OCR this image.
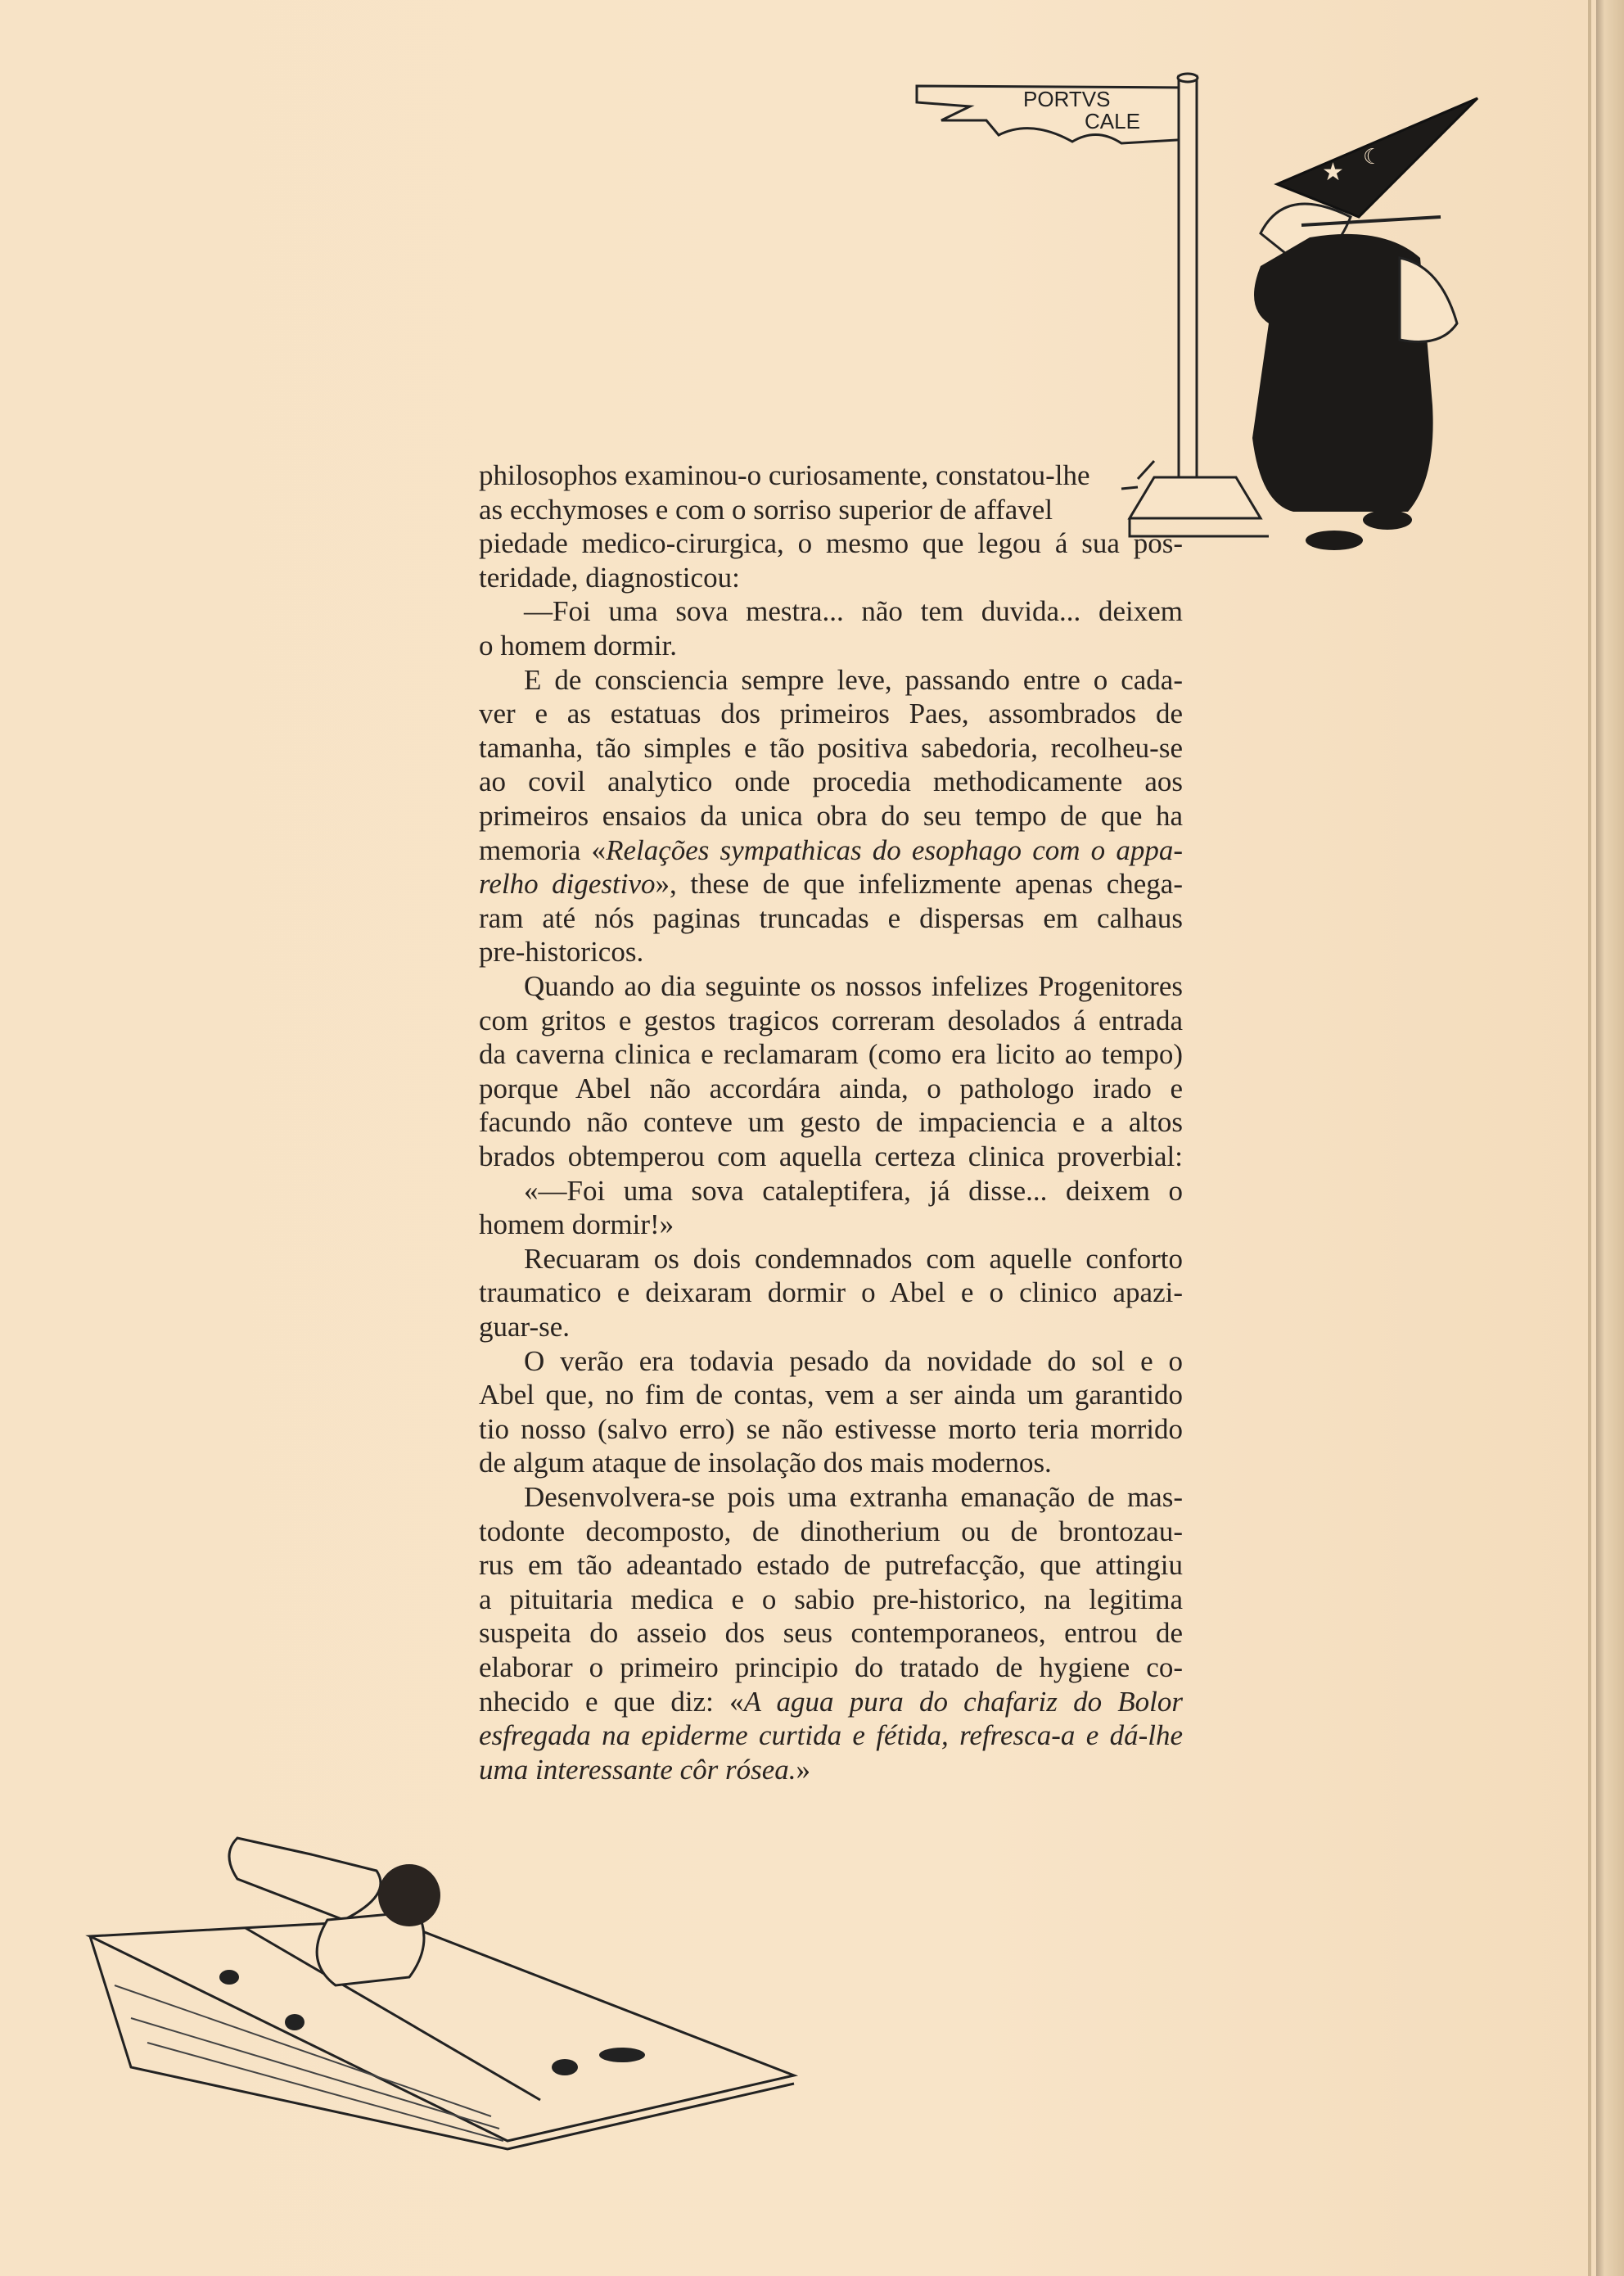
PORTVS
CALE
★
☾
philosophos examinou-o curiosamente, constatou-lhe
as ecchymoses e com o sorriso superior de affavel
piedade medico-cirurgica, o mesmo que legou á sua pos-
teridade, diagnosticou:
—Foi uma sova mestra... não tem duvida... deixem
o homem dormir.
E de consciencia sempre leve, passando entre o cada-
ver e as estatuas dos primeiros Paes, assombrados de
tamanha, tão simples e tão positiva sabedoria, recolheu-se
ao covil analytico onde procedia methodicamente aos
primeiros ensaios da unica obra do seu tempo de que ha
memoria «Relações sympathicas do esophago com o appa-
relho digestivo», these de que infelizmente apenas chega-
ram até nós paginas truncadas e dispersas em calhaus
pre-historicos.
Quando ao dia seguinte os nossos infelizes Progenitores
com gritos e gestos tragicos correram desolados á entrada
da caverna clinica e reclamaram (como era licito ao tempo)
porque Abel não accordára ainda, o pathologo irado e
facundo não conteve um gesto de impaciencia e a altos
brados obtemperou com aquella certeza clinica proverbial:
«—Foi uma sova cataleptifera, já disse... deixem o
homem dormir!»
Recuaram os dois condemnados com aquelle conforto
traumatico e deixaram dormir o Abel e o clinico apazi-
guar-se.
O verão era todavia pesado da novidade do sol e o
Abel que, no fim de contas, vem a ser ainda um garantido
tio nosso (salvo erro) se não estivesse morto teria morrido
de algum ataque de insolação dos mais modernos.
Desenvolvera-se pois uma extranha emanação de mas-
todonte decomposto, de dinotherium ou de brontozau-
rus em tão adeantado estado de putrefacção, que attingiu
a pituitaria medica e o sabio pre-historico, na legitima
suspeita do asseio dos seus contemporaneos, entrou de
elaborar o primeiro principio do tratado de hygiene co-
nhecido e que diz: «A agua pura do chafariz do Bolor
esfregada na epiderme curtida e fétida, refresca-a e dá-lhe
uma interessante côr rósea.»
